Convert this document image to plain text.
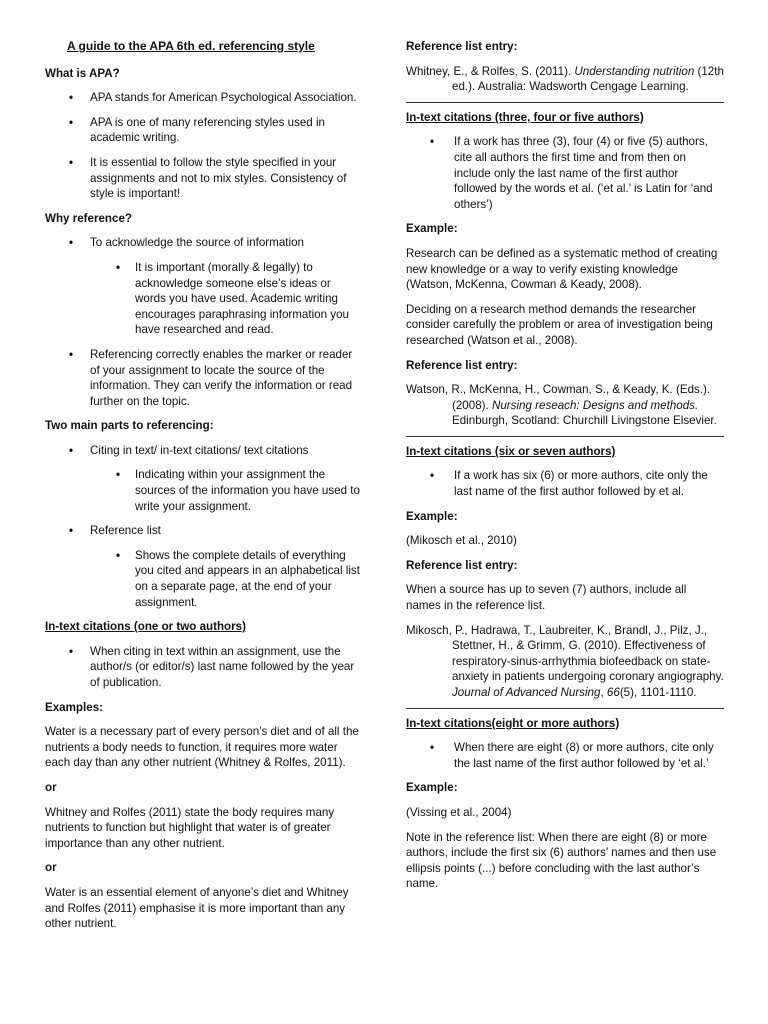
A guide to the APA 6th ed. referencing style
What is APA?
• APA stands for American Psychological Association.
• APA is one of many referencing styles used in academic writing.
• It is essential to follow the style specified in your assignments and not to mix styles. Consistency of style is important!
Why reference?
• To acknowledge the source of information
• It is important (morally & legally) to acknowledge someone else’s ideas or words you have used. Academic writing encourages paraphrasing information you have researched and read.
• Referencing correctly enables the marker or reader of your assignment to locate the source of the information. They can verify the information or read further on the topic.
Two main parts to referencing:
• Citing in text/ in-text citations/ text citations
• Indicating within your assignment the sources of the information you have used to write your assignment.
• Reference list
• Shows the complete details of everything you cited and appears in an alphabetical list on a separate page, at the end of your assignment.
In-text citations (one or two authors)
• When citing in text within an assignment, use the author/s (or editor/s) last name followed by the year of publication.
Examples:
Water is a necessary part of every person’s diet and of all the nutrients a body needs to function, it requires more water each day than any other nutrient (Whitney & Rolfes, 2011).
or
Whitney and Rolfes (2011) state the body requires many nutrients to function but highlight that water is of greater importance than any other nutrient.
or
Water is an essential element of anyone’s diet and Whitney and Rolfes (2011) emphasise it is more important than any other nutrient.
Reference list entry:
Whitney, E., & Rolfes, S. (2011). Understanding nutrition (12th ed.). Australia: Wadsworth Cengage Learning.
In-text citations (three, four or five authors)
• If a work has three (3), four (4) or five (5) authors, cite all authors the first time and from then on include only the last name of the first author followed by the words et al. (‘et al.’ is Latin for ‘and others’)
Example:
Research can be defined as a systematic method of creating new knowledge or a way to verify existing knowledge (Watson, McKenna, Cowman & Keady, 2008).
Deciding on a research method demands the researcher consider carefully the problem or area of investigation being researched (Watson et al., 2008).
Reference list entry:
Watson, R., McKenna, H., Cowman, S., & Keady, K. (Eds.). (2008). Nursing reseach: Designs and methods. Edinburgh, Scotland: Churchill Livingstone Elsevier.
In-text citations (six or seven authors)
• If a work has six (6) or more authors, cite only the last name of the first author followed by et al.
Example:
(Mikosch et al., 2010)
Reference list entry:
When a source has up to seven (7) authors, include all names in the reference list.
Mikosch, P., Hadrawa, T., Laubreiter, K., Brandl, J., Pilz, J., Stettner, H., & Grimm, G. (2010). Effectiveness of respiratory-sinus-arrhythmia biofeedback on state-anxiety in patients undergoing coronary angiography. Journal of Advanced Nursing, 66(5), 1101-1110.
In-text citations(eight or more authors)
• When there are eight (8) or more authors, cite only the last name of the first author followed by ‘et al.’
Example:
(Vissing et al., 2004)
Note in the reference list: When there are eight (8) or more authors, include the first six (6) authors’ names and then use ellipsis points (...) before concluding with the last author’s name.
